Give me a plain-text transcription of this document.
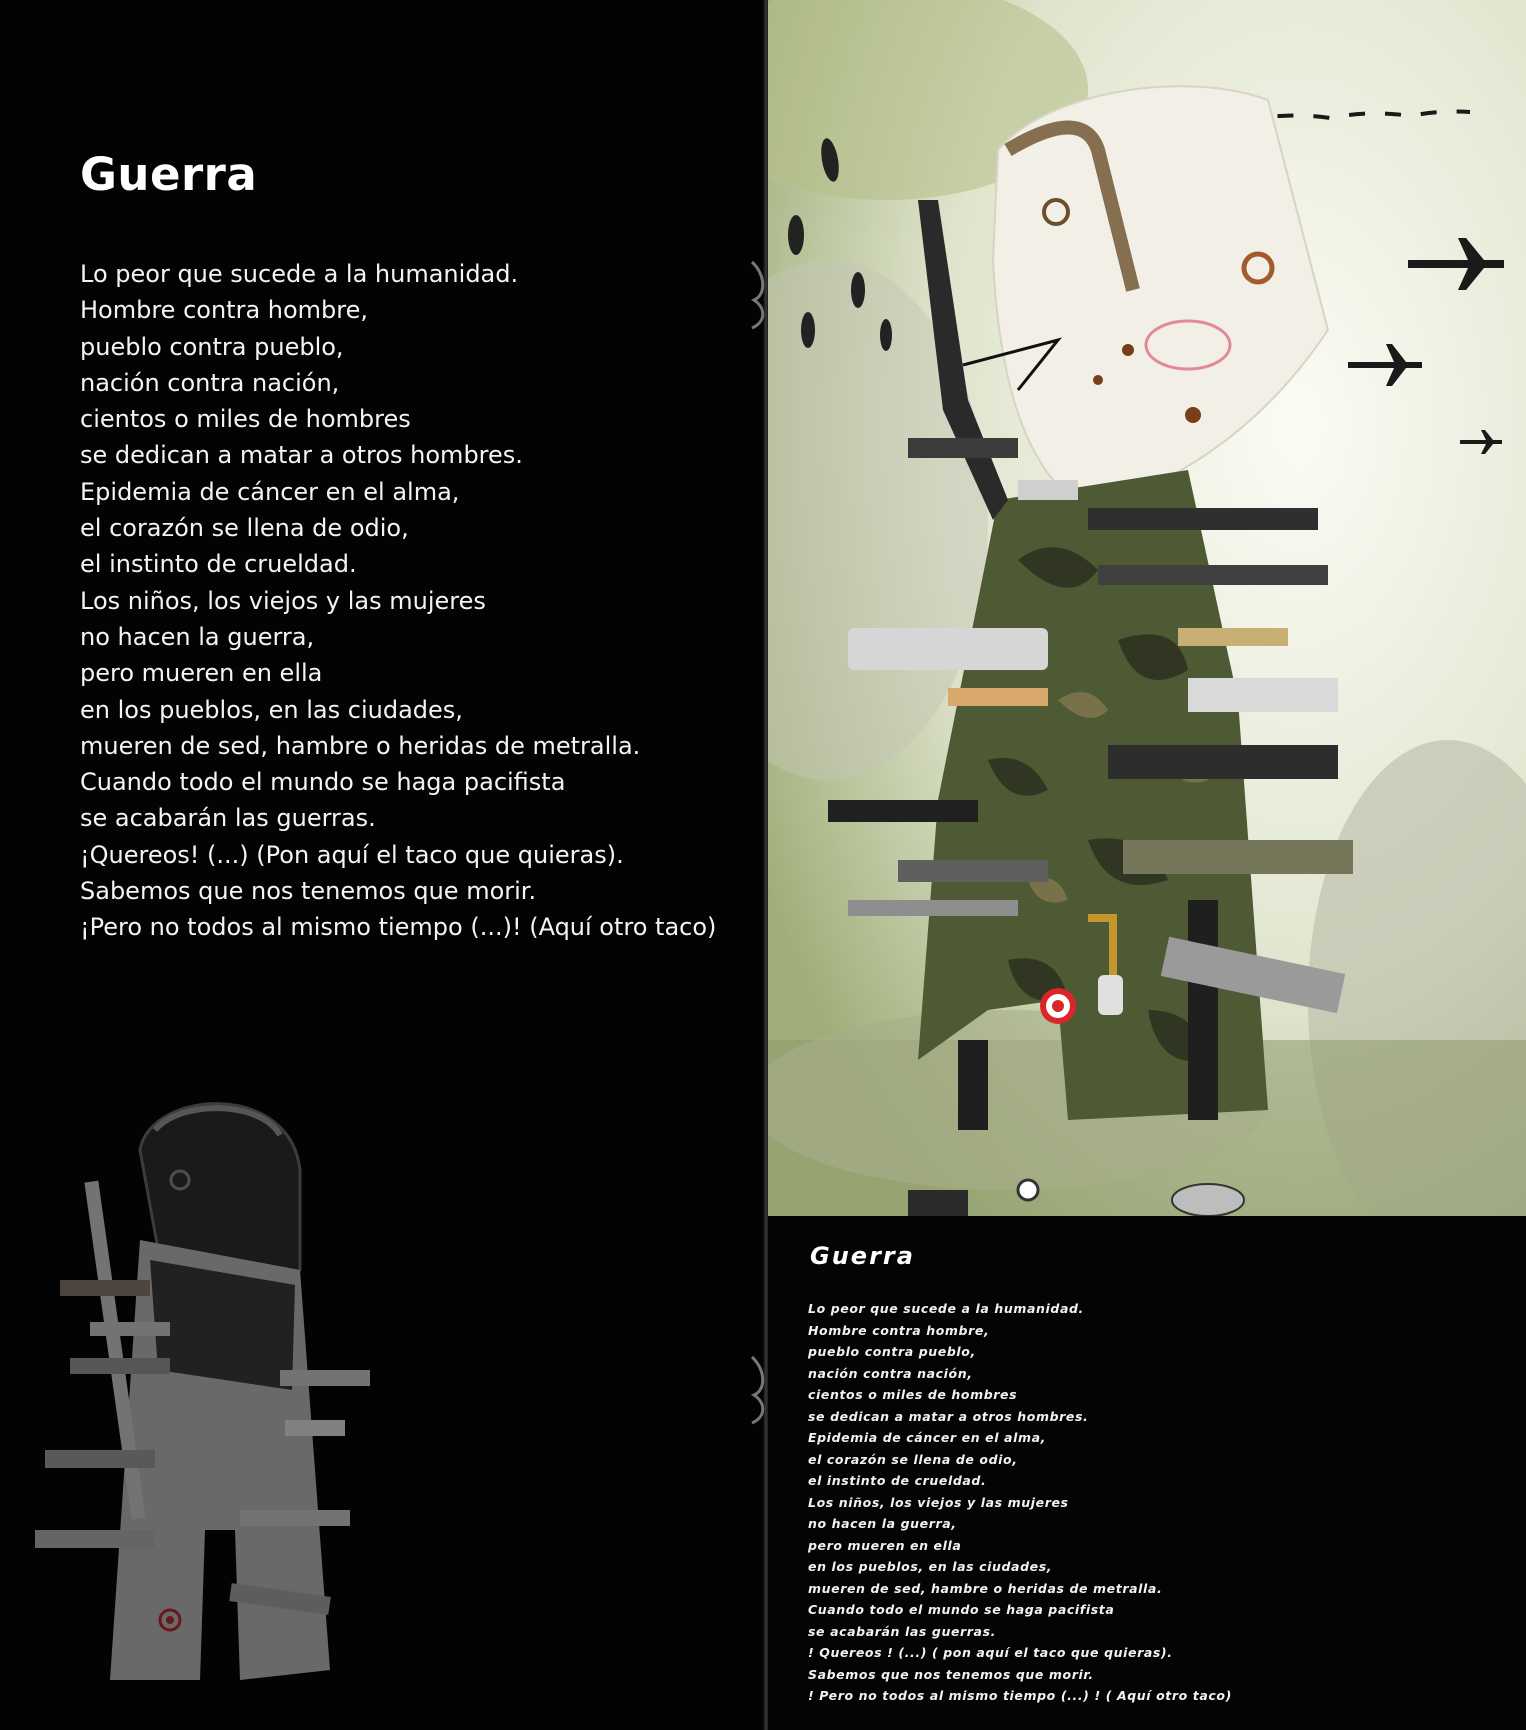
Guerra
Lo peor que sucede a la humanidad.
Hombre contra hombre,
pueblo contra pueblo,
nación contra nación,
cientos o miles de hombres
se dedican a matar a otros hombres.
Epidemia de cáncer en el alma,
el corazón se llena de odio,
el instinto de crueldad.
Los niños, los viejos y las mujeres
no hacen la guerra,
pero mueren en ella
en los pueblos, en las ciudades,
mueren de sed, hambre o heridas de metralla.
Cuando todo el mundo se haga pacifista
se acabarán las guerras.
¡Quereos! (...) (Pon aquí el taco que quieras).
Sabemos que nos tenemos que morir.
¡Pero no todos al mismo tiempo (...)! (Aquí otro taco)
Guerra
Lo peor que sucede a la humanidad.
Hombre contra hombre,
pueblo contra pueblo,
nación contra nación,
cientos o miles de hombres
se dedican a matar a otros hombres.
Epidemia de cáncer en el alma,
el corazón se llena de odio,
el instinto de crueldad.
Los niños, los viejos y las mujeres
no hacen la guerra,
pero mueren en ella
en los pueblos, en las ciudades,
mueren de sed, hambre o heridas de metralla.
Cuando todo el mundo se haga pacifista
se acabarán las guerras.
! Quereos ! (...) ( pon aquí el taco que quieras).
Sabemos que nos tenemos que morir.
! Pero no todos al mismo tiempo (...) ! ( Aquí otro taco)
